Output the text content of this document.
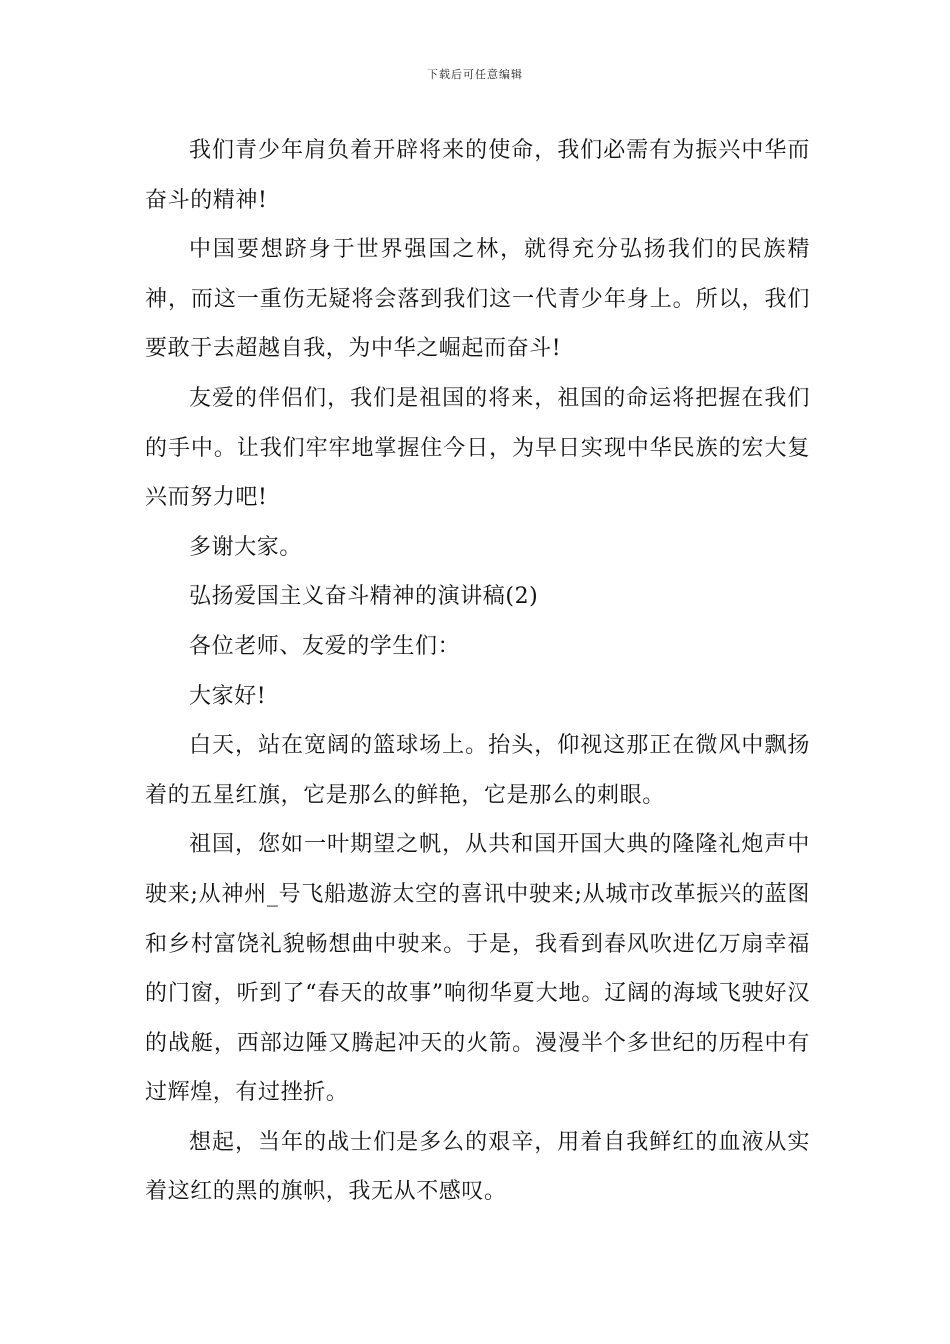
下载后可任意编辑

我们青少年肩负着开辟将来的使命，我们必需有为振兴中华而奋斗的精神!

中国要想跻身于世界强国之林，就得充分弘扬我们的民族精神，而这一重伤无疑将会落到我们这一代青少年身上。所以，我们要敢于去超越自我，为中华之崛起而奋斗!

友爱的伴侣们，我们是祖国的将来，祖国的命运将把握在我们的手中。让我们牢牢地掌握住今日，为早日实现中华民族的宏大复兴而努力吧!

多谢大家。

弘扬爱国主义奋斗精神的演讲稿(2)

各位老师、友爱的学生们：

大家好!

白天，站在宽阔的篮球场上。抬头，仰视这那正在微风中飘扬着的五星红旗，它是那么的鲜艳，它是那么的刺眼。

祖国，您如一叶期望之帆，从共和国开国大典的隆隆礼炮声中驶来;从神州_号飞船遨游太空的喜讯中驶来;从城市改革振兴的蓝图和乡村富饶礼貌畅想曲中驶来。于是，我看到春风吹进亿万扇幸福的门窗，听到了“春天的故事”响彻华夏大地。辽阔的海域飞驶好汉的战艇，西部边陲又腾起冲天的火箭。漫漫半个多世纪的历程中有过辉煌，有过挫折。

想起，当年的战士们是多么的艰辛，用着自我鲜红的血液从实着这红的黑的旗帜，我无从不感叹。
